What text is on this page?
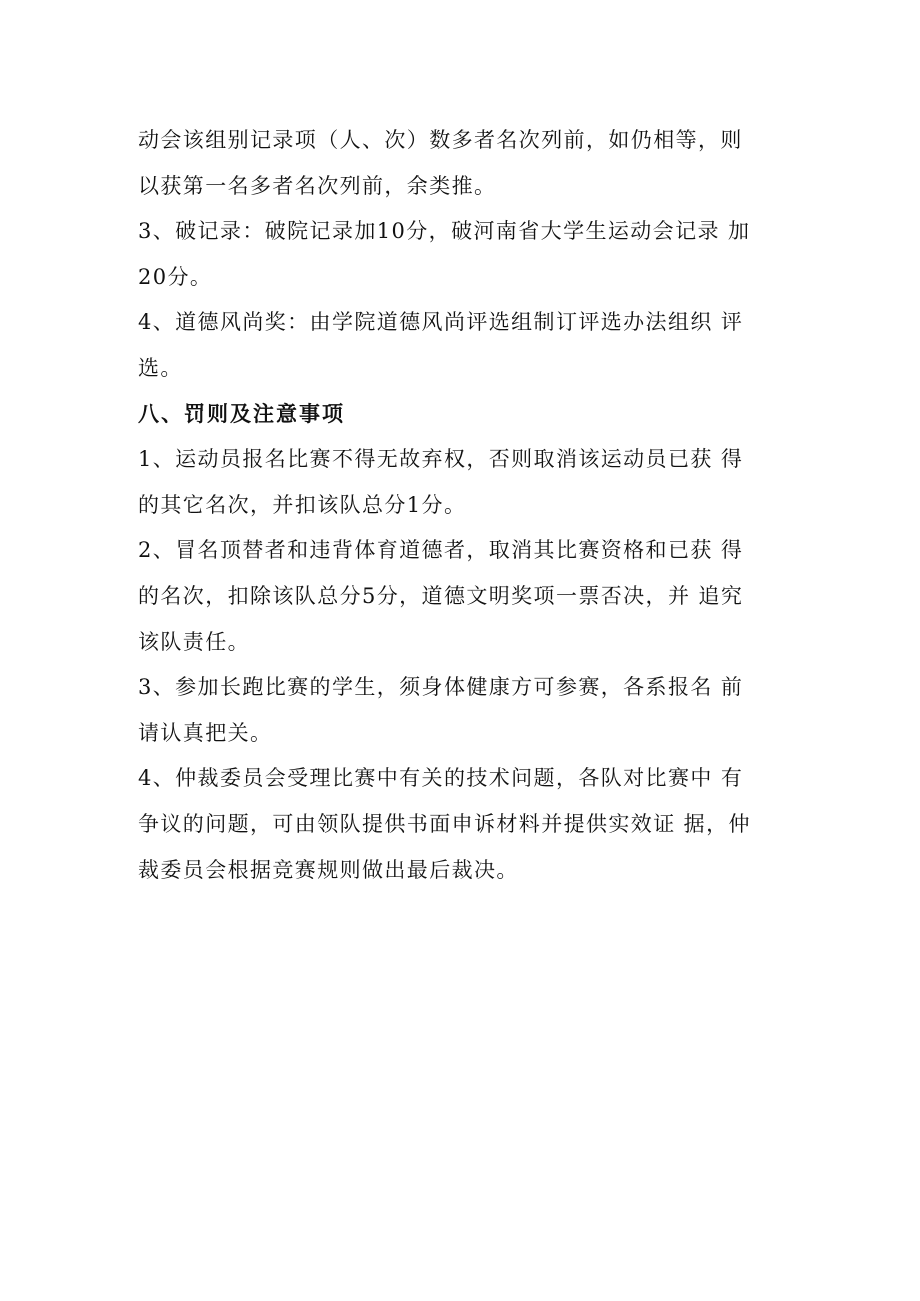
动会该组别记录项（人、次）数多者名次列前，如仍相等，则
以获第一名多者名次列前，余类推。
3、破记录：破院记录加10分，破河南省大学生运动会记录 加
20分。
4、道德风尚奖：由学院道德风尚评选组制订评选办法组织 评
选。
八、罚则及注意事项
1、运动员报名比赛不得无故弃权，否则取消该运动员已获 得
的其它名次，并扣该队总分1分。
2、冒名顶替者和违背体育道德者，取消其比赛资格和已获 得
的名次，扣除该队总分5分，道德文明奖项一票否决，并 追究
该队责任。
3、参加长跑比赛的学生，须身体健康方可参赛，各系报名 前
请认真把关。
4、仲裁委员会受理比赛中有关的技术问题，各队对比赛中 有
争议的问题，可由领队提供书面申诉材料并提供实效证 据，仲
裁委员会根据竞赛规则做出最后裁决。
